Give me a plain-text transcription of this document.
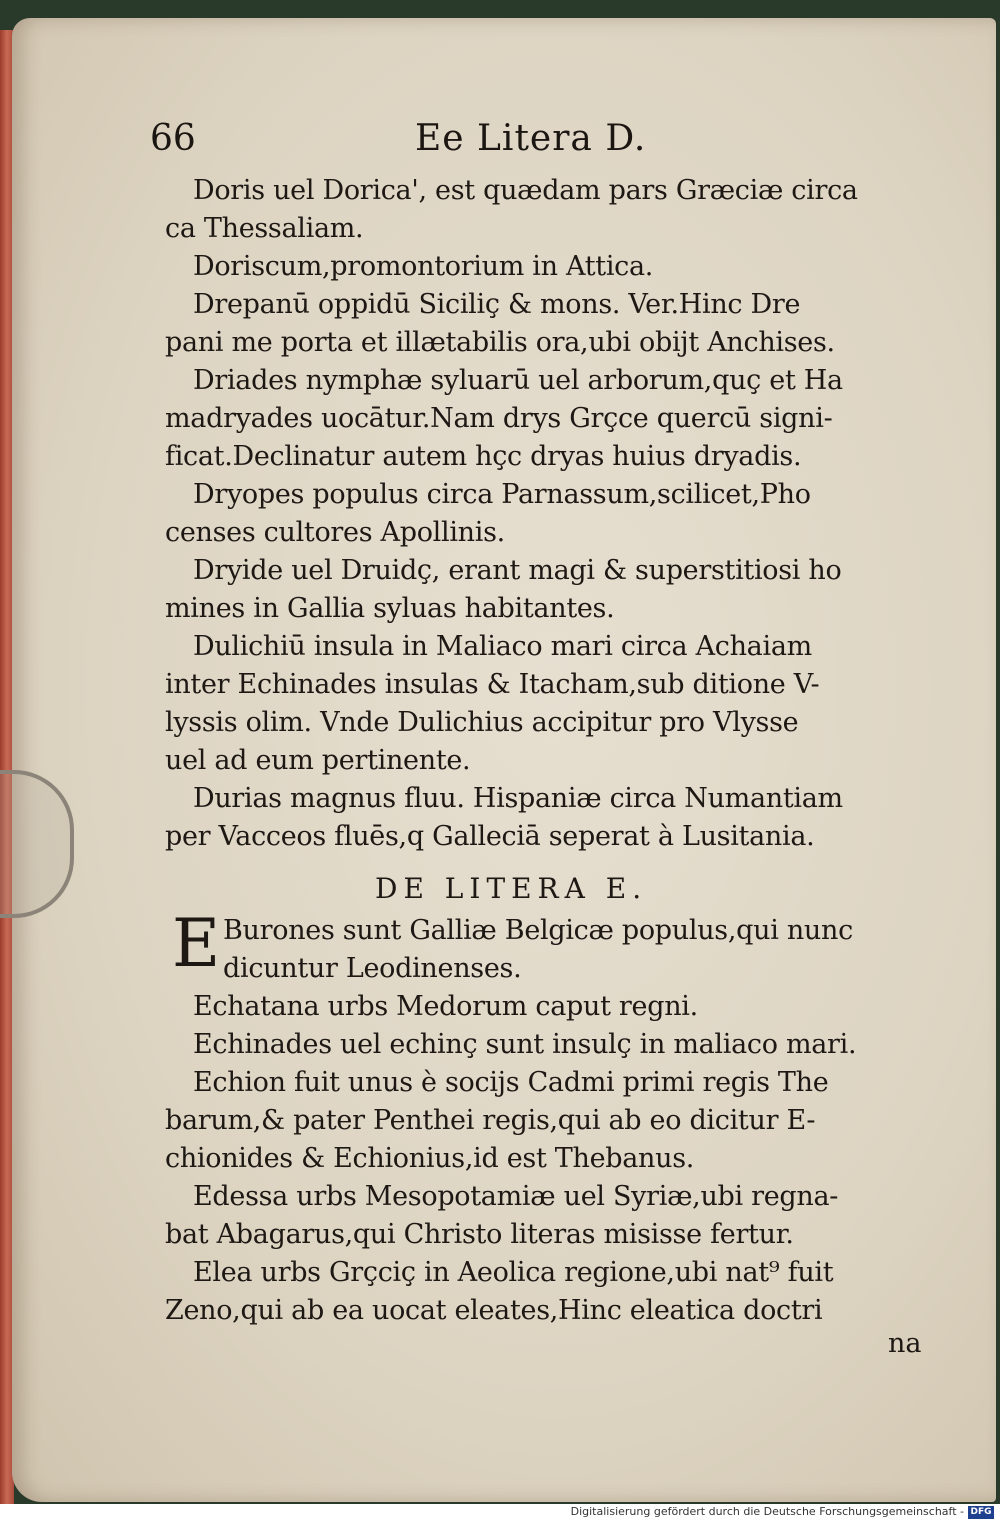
66	Ee Litera D.
Doris uel Dorica', est quædam pars Græciæ circa
ca Thessaliam.
Doriscum,promontorium in Attica.
Drepanū oppidū Siciliç & mons. Ver.Hinc Dre
pani me porta et illætabilis ora,ubi obijt Anchises.
Driades nymphæ syluarū uel arborum,quç et Ha
madryades uocātur.Nam drys Grçce quercū signi-
ficat.Declinatur autem hçc dryas huius dryadis.
Dryopes populus circa Parnassum,scilicet,Pho
censes cultores Apollinis.
Dryide uel Druidç, erant magi & superstitiosi ho
mines in Gallia syluas habitantes.
Dulichiū insula in Maliaco mari circa Achaiam
inter Echinades insulas & Itacham,sub ditione V-
lyssis olim. Vnde Dulichius accipitur pro Vlysse
uel ad eum pertinente.
Durias magnus fluu. Hispaniæ circa Numantiam
per Vacceos fluēs,q Galleciā seperat à Lusitania.
DE LITERA E.
E Burones sunt Galliæ Belgicæ populus,qui nunc
dicuntur Leodinenses.
Echatana urbs Medorum caput regni.
Echinades uel echinç sunt insulç in maliaco mari.
Echion fuit unus è socijs Cadmi primi regis The
barum,& pater Penthei regis,qui ab eo dicitur E-
chionides & Echionius,id est Thebanus.
Edessa urbs Mesopotamiæ uel Syriæ,ubi regna-
bat Abagarus,qui Christo literas misisse fertur.
Elea urbs Grçciç in Aeolica regione,ubi nat⁹ fuit
Zeno,qui ab ea uocat eleates,Hinc eleatica doctri
na
Digitalisierung gefördert durch die Deutsche Forschungsgemeinschaft - DFG
